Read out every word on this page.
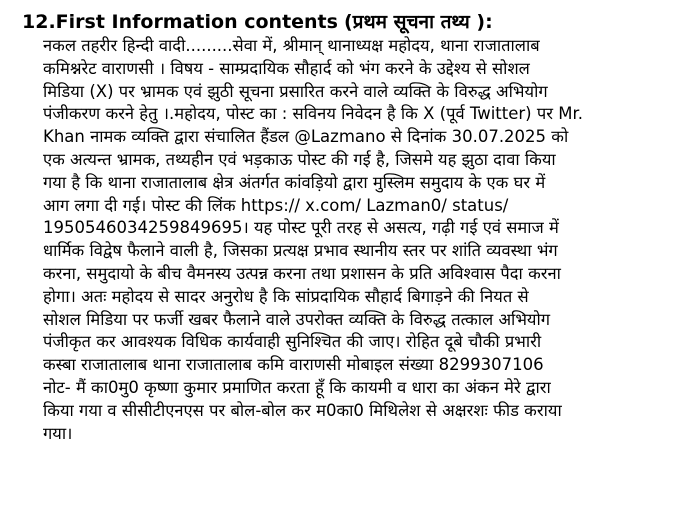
12.First Information contents (प्रथम सूचना तथ्य ):
नकल तहरीर हिन्दी वादी.........सेवा में, श्रीमान् थानाध्यक्ष महोदय, थाना राजातालाब
कमिश्नरेट वाराणसी । विषय - साम्प्रदायिक सौहार्द को भंग करने के उद्देश्य से सोशल
मिडिया (X) पर भ्रामक एवं झुठी सूचना प्रसारित करने वाले व्यक्ति के विरुद्ध अभियोग
पंजीकरण करने हेतु ।.महोदय, पोस्ट का : सविनय निवेदन है कि X (पूर्व Twitter) पर Mr.
Khan नामक व्यक्ति द्वारा संचालित हैंडल @Lazmano से दिनांक 30.07.2025 को
एक अत्यन्त भ्रामक, तथ्यहीन एवं भड़काऊ पोस्ट की गई है, जिसमे यह झुठा दावा किया
गया है कि थाना राजातालाब क्षेत्र अंतर्गत कांवड़ियो द्वारा मुस्लिम समुदाय के एक घर में
आग लगा दी गई। पोस्ट की लिंक https:// x.com/ Lazman0/ status/
1950546034259849695। यह पोस्ट पूरी तरह से असत्य, गढ़ी गई एवं समाज में
धार्मिक विद्वेष फैलाने वाली है, जिसका प्रत्यक्ष प्रभाव स्थानीय स्तर पर शांति व्यवस्था भंग
करना, समुदायो के बीच वैमनस्य उत्पन्न करना तथा प्रशासन के प्रति अविश्वास पैदा करना
होगा। अतः महोदय से सादर अनुरोध है कि सांप्रदायिक सौहार्द बिगाड़ने की नियत से
सोशल मिडिया पर फर्जी खबर फैलाने वाले उपरोक्त व्यक्ति के विरुद्ध तत्काल अभियोग
पंजीकृत कर आवश्यक विधिक कार्यवाही सुनिश्चित की जाए। रोहित दूबे चौकी प्रभारी
कस्बा राजातालाब थाना राजातालाब कमि वाराणसी मोबाइल संख्या 8299307106
नोट- मैं का0मु0 कृष्णा कुमार प्रमाणित करता हूँ कि कायमी व धारा का अंकन मेरे द्वारा
किया गया व सीसीटीएनएस पर बोल-बोल कर म0का0 मिथिलेश से अक्षरशः फीड कराया
गया।
